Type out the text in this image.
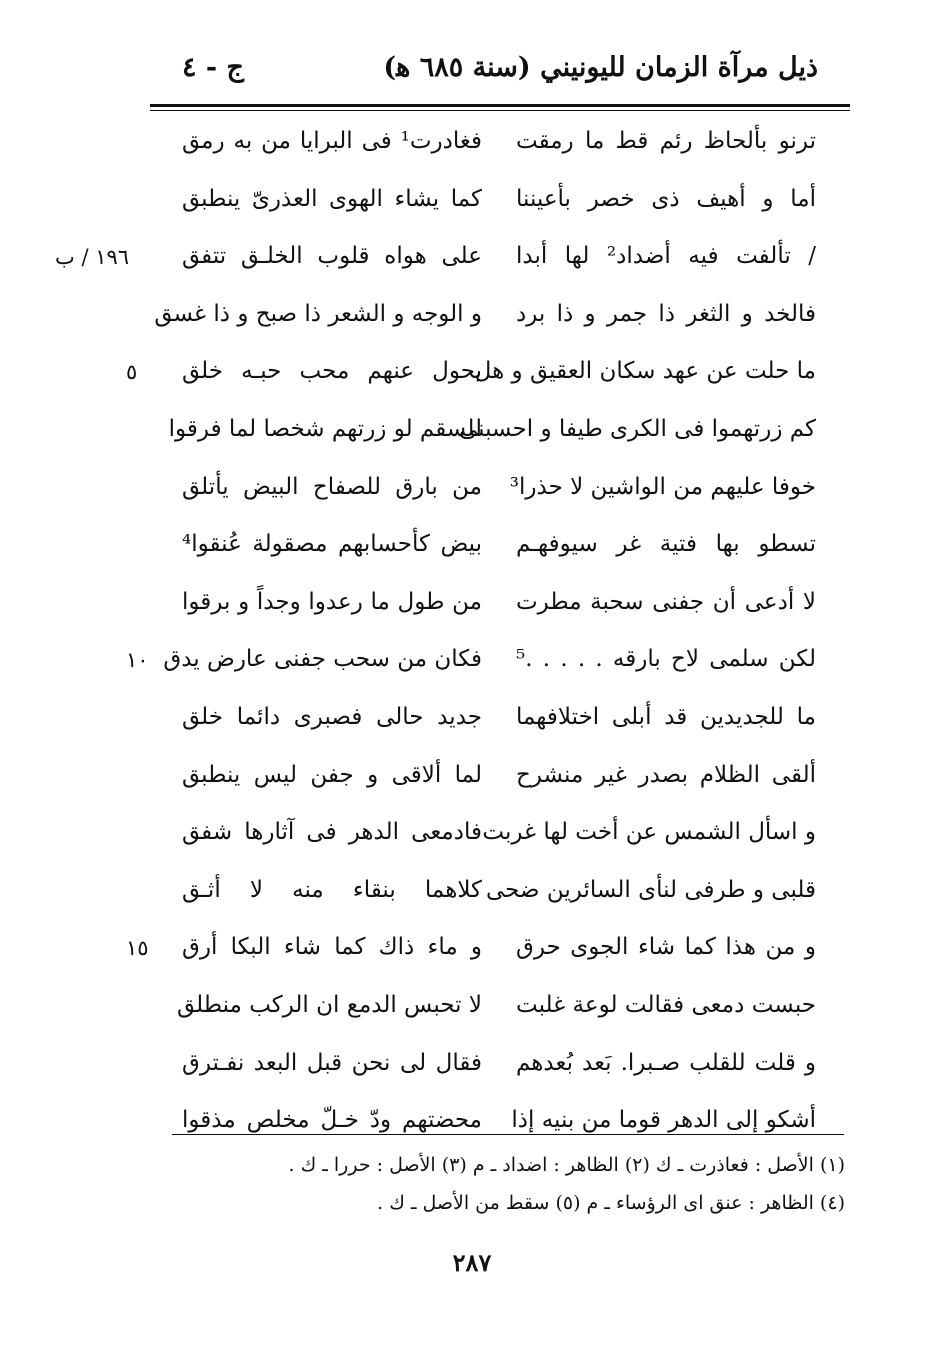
ذيل مرآة الزمان لليونيني (سنة ٦٨٥ ﻫ)
ج - ٤
ترنو بألحاظ رئم قط ما رمقت
فغادرت¹ فى البرايا من به رمق
أما و أهيف ذى خصر بأعيننا
كما يشاء الهوى العذرىّ ينطبق
/ تألفت فيه أضداد² لها أبدا
على هواه قلوب الخلـق تتفق
١٩٦ / ب
فالخد و الثغر ذا جمر و ذا برد
و الوجه و الشعر ذا صبح و ذا غسق
ما حلت عن عهد سكان العقيق و هل
يحول عنهم محب حبـه خلق
٥
كم زرتهموا فى الكرى طيفا و احسبنى
للسقم لو زرتهم شخصا لما فرقوا
خوفا عليهم من الواشين لا حذرا³
من بارق للصفاح البيض يأتلق
تسطو بها فتية غر سيوفهـم
بيض كأحسابهم مصقولة عُنقوا⁴
لا أدعى أن جفنى سحبة مطرت
من طول ما رعدوا وجداً و برقوا
لكن سلمى لاح بارقه . . . . .⁵
فكان من سحب جفنى عارض يدق
١٠
ما للجديدين قد أبلى اختلافهما
جديد حالى فصبرى دائما خلق
ألقى الظلام بصدر غير منشرح
لما ألاقى و جفن ليس ينطبق
و اسأل الشمس عن أخت لها غربت
فادمعى الدهر فى آثارها شفق
قلبى و طرفى لنأى السائرين ضحى
كلاهما بنقاء منه لا أثـق
و من هذا كما شاء الجوى حرق
و ماء ذاك كما شاء البكا أرق
١٥
حبست دمعى فقالت لوعة غلبت
لا تحبس الدمع ان الركب منطلق
و قلت للقلب صـبرا. بَعد بُعدهم
فقال لى نحن قبل البعد نفـترق
أشكو إلى الدهر قوما من بنيه إذا
محضتهم ودّ خـلّ مخلص مذقوا
(١) الأصل : فعاذرت ـ ك (٢) الظاهر : اضداد ـ م (٣) الأصل : حررا ـ ك .
(٤) الظاهر : عنق اى الرؤساء ـ م (٥) سقط من الأصل ـ ك .
٢٨٧
